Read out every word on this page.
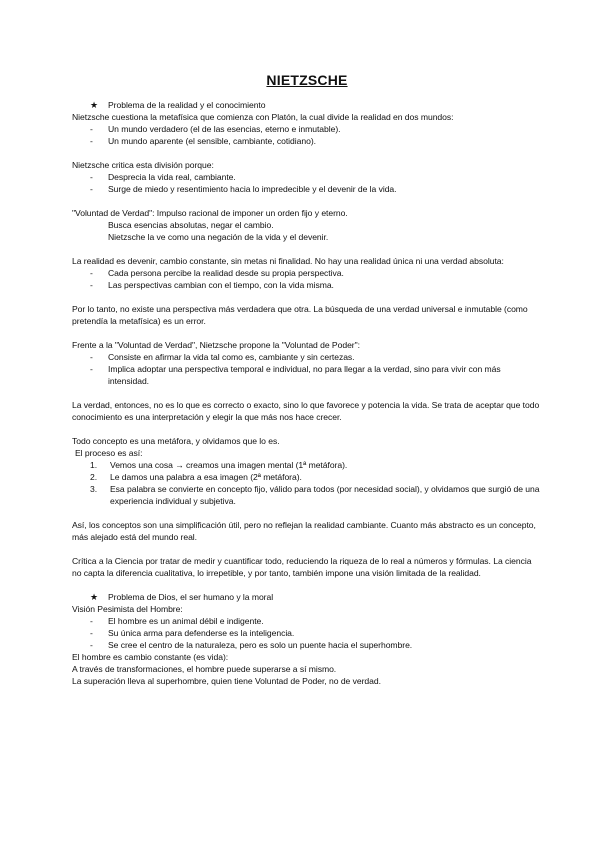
NIETZSCHE
★	Problema de la realidad y el conocimiento

Nietzsche cuestiona la metafísica que comienza con Platón, la cual divide la realidad en dos mundos:

-	Un mundo verdadero (el de las esencias, eterno e inmutable).
-	Un mundo aparente (el sensible, cambiante, cotidiano).

Nietzsche critica esta división porque:

-	Desprecia la vida real, cambiante.
-	Surge de miedo y resentimiento hacia lo impredecible y el devenir de la vida.

"Voluntad de Verdad": Impulso racional de imponer un orden fijo y eterno.

Busca esencias absolutas, negar el cambio.

Nietzsche la ve como una negación de la vida y el devenir.

La realidad es devenir, cambio constante, sin metas ni finalidad. No hay una realidad única ni una verdad absoluta:

-	Cada persona percibe la realidad desde su propia perspectiva.
-	Las perspectivas cambian con el tiempo, con la vida misma.

Por lo tanto, no existe una perspectiva más verdadera que otra. La búsqueda de una verdad universal e inmutable (como pretendía la metafísica) es un error.

Frente a la "Voluntad de Verdad", Nietzsche propone la "Voluntad de Poder":

-	Consiste en afirmar la vida tal como es, cambiante y sin certezas.
-	Implica adoptar una perspectiva temporal e individual, no para llegar a la verdad, sino para vivir con más intensidad.

La verdad, entonces, no es lo que es correcto o exacto, sino lo que favorece y potencia la vida. Se trata de aceptar que todo conocimiento es una interpretación y elegir la que más nos hace crecer.

Todo concepto es una metáfora, y olvidamos que lo es.

El proceso es así:

1.	Vemos una cosa → creamos una imagen mental (1ª metáfora).
2.	Le damos una palabra a esa imagen (2ª metáfora).
3.	Esa palabra se convierte en concepto fijo, válido para todos (por necesidad social), y olvidamos que surgió de una experiencia individual y subjetiva.

Así, los conceptos son una simplificación útil, pero no reflejan la realidad cambiante. Cuanto más abstracto es un concepto, más alejado está del mundo real.

Crítica a la Ciencia por tratar de medir y cuantificar todo, reduciendo la riqueza de lo real a números y fórmulas. La ciencia no capta la diferencia cualitativa, lo irrepetible, y por tanto, también impone una visión limitada de la realidad.

★	Problema de Dios, el ser humano y la moral

Visión Pesimista del Hombre:

-	El hombre es un animal débil e indigente.
-	Su única arma para defenderse es la inteligencia.
-	Se cree el centro de la naturaleza, pero es solo un puente hacia el superhombre.

El hombre es cambio constante (es vida):

A través de transformaciones, el hombre puede superarse a sí mismo.

La superación lleva al superhombre, quien tiene Voluntad de Poder, no de verdad.
